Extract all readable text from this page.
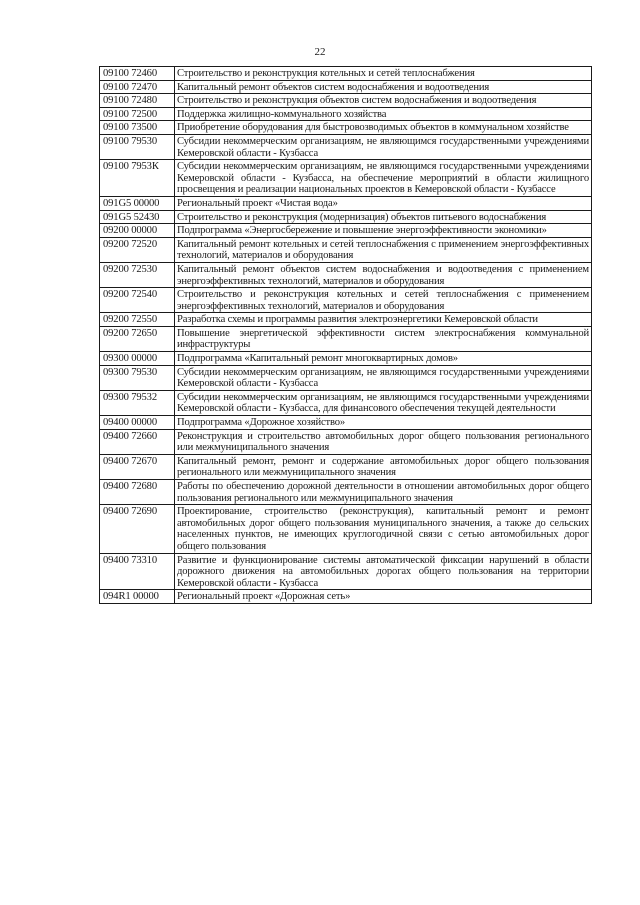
22
09100 72460	Строительство и реконструкция котельных и сетей теплоснабжения
09100 72470	Капитальный ремонт объектов систем водоснабжения и водоотведения
09100 72480	Строительство и реконструкция объектов систем водоснабжения и водоотведения
09100 72500	Поддержка жилищно-коммунального хозяйства
09100 73500	Приобретение оборудования для быстровозводимых объектов в коммунальном хозяйстве
09100 79530	Субсидии некоммерческим организациям, не являющимся государственными учреждениями Кемеровской области - Кузбасса
09100 7953К	Субсидии некоммерческим организациям, не являющимся государственными учреждениями Кемеровской области - Кузбасса, на обеспечение мероприятий в области жилищного просвещения и реализации национальных проектов в Кемеровской области - Кузбассе
091G5 00000	Региональный проект «Чистая вода»
091G5 52430	Строительство и реконструкция (модернизация) объектов питьевого водоснабжения
09200 00000	Подпрограмма «Энергосбережение и повышение энергоэффективности экономики»
09200 72520	Капитальный ремонт котельных и сетей теплоснабжения с применением энергоэффективных технологий, материалов и оборудования
09200 72530	Капитальный ремонт объектов систем водоснабжения и водоотведения с применением энергоэффективных технологий, материалов и оборудования
09200 72540	Строительство и реконструкция котельных и сетей теплоснабжения с применением энергоэффективных технологий, материалов и оборудования
09200 72550	Разработка схемы и программы развития электроэнергетики Кемеровской области
09200 72650	Повышение энергетической эффективности систем электроснабжения коммунальной инфраструктуры
09300 00000	Подпрограмма «Капитальный ремонт многоквартирных домов»
09300 79530	Субсидии некоммерческим организациям, не являющимся государственными учреждениями Кемеровской области - Кузбасса
09300 79532	Субсидии некоммерческим организациям, не являющимся государственными учреждениями Кемеровской области - Кузбасса, для финансового обеспечения текущей деятельности
09400 00000	Подпрограмма «Дорожное хозяйство»
09400 72660	Реконструкция и строительство автомобильных дорог общего пользования регионального или межмуниципального значения
09400 72670	Капитальный ремонт, ремонт и содержание автомобильных дорог общего пользования регионального или межмуниципального значения
09400 72680	Работы по обеспечению дорожной деятельности в отношении автомобильных дорог общего пользования регионального или межмуниципального значения
09400 72690	Проектирование, строительство (реконструкция), капитальный ремонт и ремонт автомобильных дорог общего пользования муниципального значения, а также до сельских населенных пунктов, не имеющих круглогодичной связи с сетью автомобильных дорог общего пользования
09400 73310	Развитие и функционирование системы автоматической фиксации нарушений в области дорожного движения на автомобильных дорогах общего пользования на территории Кемеровской области - Кузбасса
094R1 00000	Региональный проект «Дорожная сеть»
